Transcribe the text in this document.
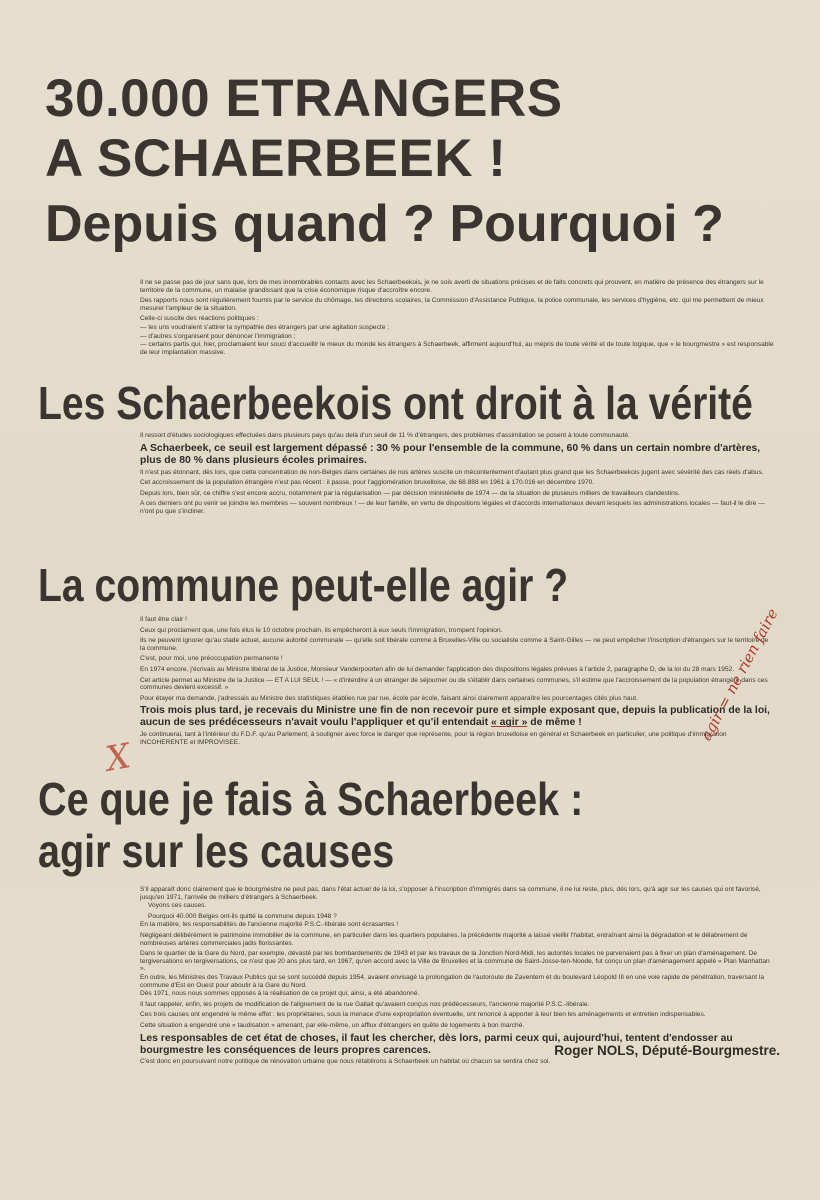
30.000 ETRANGERS
A SCHAERBEEK !
Depuis quand ? Pourquoi ?

Il ne se passe pas de jour sans que, lors de mes innombrables contacts avec les Schaerbeekois, je ne sois averti de situations précises et de faits concrets qui prouvent, en matière de présence des étrangers sur le territoire de la commune, un malaise grandissant que la crise économique risque d'accroître encore.

Des rapports nous sont régulièrement fournis par le service du chômage, les directions scolaires, la Commission d'Assistance Publique, la police communale, les services d'hygiène, etc. qui me permettent de mieux mesurer l'ampleur de la situation.

Celle-ci suscite des réactions politiques :

— les uns voudraient s'attirer la sympathie des étrangers par une agitation suspecte ;

— d'autres s'organisent pour dénoncer l'immigration ;

— certains partis qui, hier, proclamaient leur souci d'accueillir le mieux du monde les étrangers à Schaerbeek, affirment aujourd'hui, au mépris de toute vérité et de toute logique, que « le bourgmestre » est responsable de leur implantation massive.

Les Schaerbeekois ont droit à la vérité

Il ressort d'études sociologiques effectuées dans plusieurs pays qu'au delà d'un seuil de 11 % d'étrangers, des problèmes d'assimilation se posent à toute communauté.

A Schaerbeek, ce seuil est largement dépassé : 30 % pour l'ensemble de la commune, 60 % dans un certain nombre d'artères, plus de 80 % dans plusieurs écoles primaires.

Il n'est pas étonnant, dès lors, que cette concentration de non-Belges dans certaines de nos artères suscite un mécontentement d'autant plus grand que les Schaerbeekois jugent avec sévérité des cas réels d'abus.

Cet accroissement de la population étrangère n'est pas récent : il passe, pour l'agglomération bruxelloise, de 68.888 en 1961 à 170.016 en décembre 1970.

Depuis lors, bien sûr, ce chiffre s'est encore accru, notamment par la régularisation — par décision ministérielle de 1974 — de la situation de plusieurs milliers de travailleurs clandestins.

A ces derniers ont pu venir se joindre les membres — souvent nombreux ! — de leur famille, en vertu de dispositions légales et d'accords internationaux devant lesquels les administrations locales — faut-il le dire — n'ont pu que s'incliner.

La commune peut-elle agir ?

Il faut être clair !

Ceux qui proclament que, une fois élus le 10 octobre prochain, ils empêcheront à eux seuls l'immigration, trompent l'opinion.

Ils ne peuvent ignorer qu'au stade actuel, aucune autorité communale — qu'elle soit libérale comme à Bruxelles-Ville ou socialiste comme à Saint-Gilles — ne peut empêcher l'inscription d'étrangers sur le territoire de la commune.

C'est, pour moi, une préoccupation permanente !

En 1974 encore, j'écrivais au Ministre libéral de la Justice, Monsieur Vanderpoorten afin de lui demander l'application des dispositions légales prévues à l'article 2, paragraphe D, de la loi du 28 mars 1952.

Cet article permet au Ministre de la Justice — ET A LUI SEUL ! — « d'interdire à un étranger de séjourner ou de s'établir dans certaines communes, s'il estime que l'accroissement de la population étrangère dans ces communes devient excessif. »

Pour étayer ma demande, j'adressais au Ministre des statistiques établies rue par rue, école par école, faisant ainsi clairement apparaître les pourcentages cités plus haut.

Trois mois plus tard, je recevais du Ministre une fin de non recevoir pure et simple exposant que, depuis la publication de la loi, aucun de ses prédécesseurs n'avait voulu l'appliquer et qu'il entendait « agir » de même !

Je continuerai, tant à l'intérieur du F.D.F. qu'au Parlement, à souligner avec force le danger que représente, pour la région bruxelloise en général et Schaerbeek en particulier, une politique d'immigration INCOHERENTE et IMPROVISEE.

Ce que je fais à Schaerbeek :
agir sur les causes

S'il apparaît donc clairement que le bourgmestre ne peut pas, dans l'état actuel de la loi, s'opposer à l'inscription d'immigrés dans sa commune, il ne lui reste, plus, dès lors, qu'à agir sur les causes qui ont favorisé, jusqu'en 1971, l'arrivée de milliers d'étrangers à Schaerbeek.

Voyons ces causes.

Pourquoi 40.000 Belges ont-ils quitté la commune depuis 1948 ?

En la matière, les responsabilités de l'ancienne majorité P.S.C.-libérale sont écrasantes !

Négligeant délibérément le patrimoine immobilier de la commune, en particulier dans les quartiers populaires, la précédente majorité a laissé vieillir l'habitat, entraînant ainsi la dégradation et le délabrement de nombreuses artères commerciales jadis florissantes.

Dans le quartier de la Gare du Nord, par exemple, dévasté par les bombardements de 1943 et par les travaux de la Jonction Nord-Midi, les autorités locales ne parvenaient pas à fixer un plan d'aménagement. De tergiversations en tergiversations, ce n'est que 20 ans plus tard, en 1967, qu'en accord avec la Ville de Bruxelles et la commune de Saint-Josse-ten-Noode, fut conçu un plan d'aménagement appelé « Plan Manhattan ».

En outre, les Ministres des Travaux Publics qui se sont succédé depuis 1954, avaient envisagé la prolongation de l'autoroute de Zaventem et du boulevard Léopold III en une voie rapide de pénétration, traversant la commune d'Est en Ouest pour aboutir à la Gare du Nord.

Dès 1971, nous nous sommes opposés à la réalisation de ce projet qui, ainsi, a été abandonné.

Il faut rappeler, enfin, les projets de modification de l'alignement de la rue Gallait qu'avaient conçus nos prédécesseurs, l'ancienne majorité P.S.C.-libérale.

Ces trois causes ont engendré le même effet : les propriétaires, sous la menace d'une expropriation éventuelle, ont renoncé à apporter à leur bien les aménagements et entretien indispensables.

Cette situation a engendré une « taudisation » amenant, par elle-même, un afflux d'étrangers en quête de logements à bon marché.

Les responsables de cet état de choses, il faut les chercher, dès lors, parmi ceux qui, aujourd'hui, tentent d'endosser au bourgmestre les conséquences de leurs propres carences.

C'est donc en poursuivant notre politique de rénovation urbaine que nous rétablirons à Schaerbeek un habitat où chacun se sentira chez soi.

Roger NOLS, Député-Bourgmestre.
agir = ne rien faire
X
